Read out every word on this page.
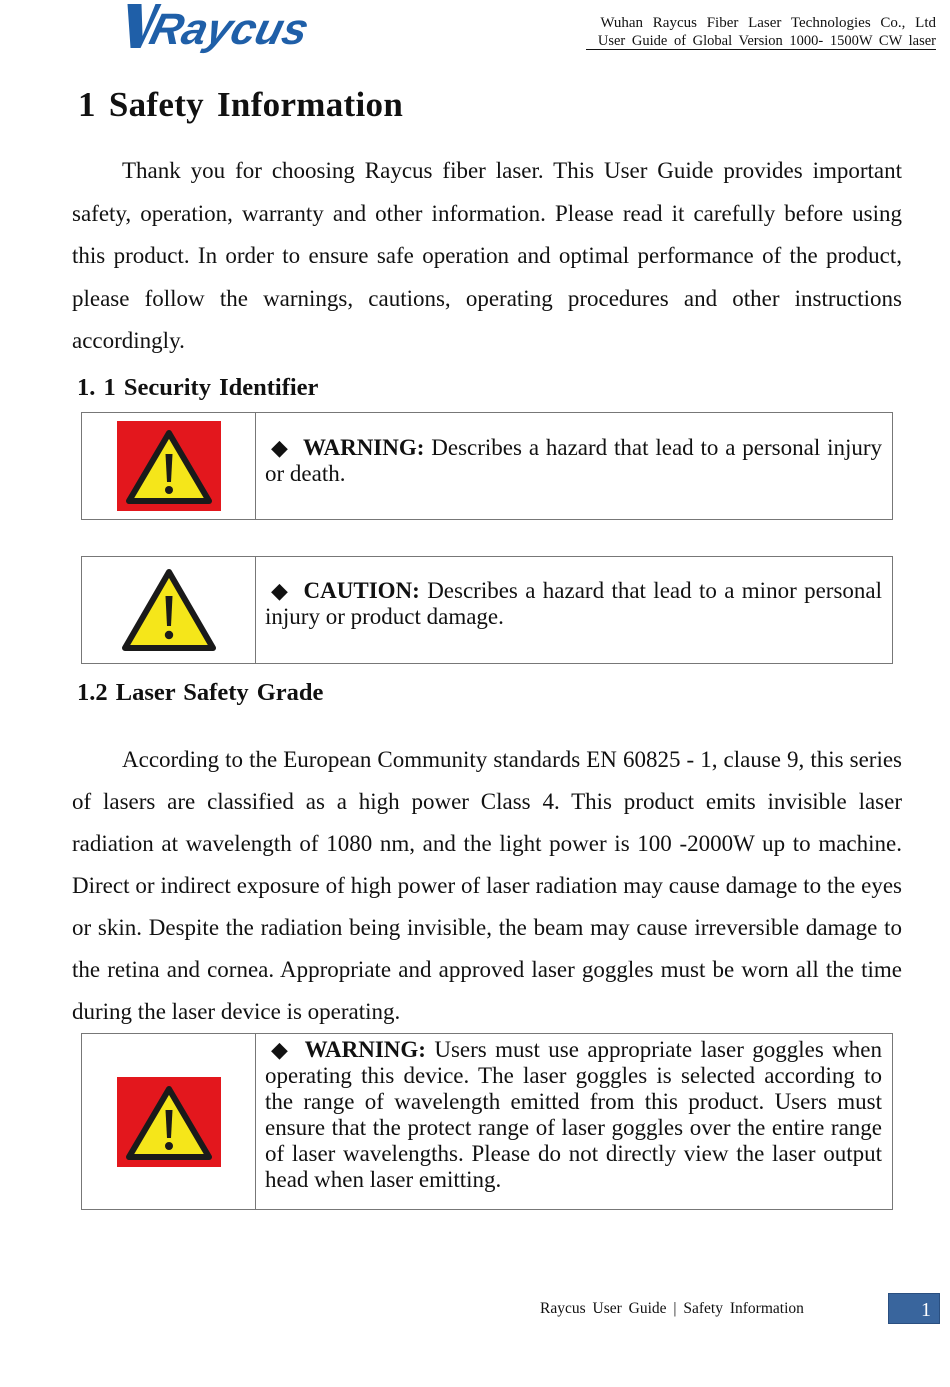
Raycus	Wuhan Raycus Fiber Laser Technologies Co., Ltd
User Guide of Global Version 1000- 1500W CW laser
1 Safety Information

Thank you for choosing Raycus fiber laser. This User Guide provides important safety, operation, warranty and other information. Please read it carefully before using this product. In order to ensure safe operation and optimal performance of the product, please follow the warnings, cautions, operating procedures and other instructions accordingly.

1. 1 Security Identifier
◆ WARNING: Describes a hazard that lead to a personal injury or death.
◆ CAUTION: Describes a hazard that lead to a minor personal injury or product damage.
1.2 Laser Safety Grade

According to the European Community standards EN 60825 - 1, clause 9, this series of lasers are classified as a high power Class 4. This product emits invisible laser radiation at wavelength of 1080 nm, and the light power is 100 -2000W up to machine. Direct or indirect exposure of high power of laser radiation may cause damage to the eyes or skin. Despite the radiation being invisible, the beam may cause irreversible damage to the retina and cornea. Appropriate and approved laser goggles must be worn all the time during the laser device is operating.

◆ WARNING: Users must use appropriate laser goggles when operating this device. The laser goggles is selected according to the range of wavelength emitted from this product. Users must ensure that the protect range of laser goggles over the entire range of laser wavelengths. Please do not directly view the laser output head when laser emitting.
Raycus User Guide | Safety Information	1
